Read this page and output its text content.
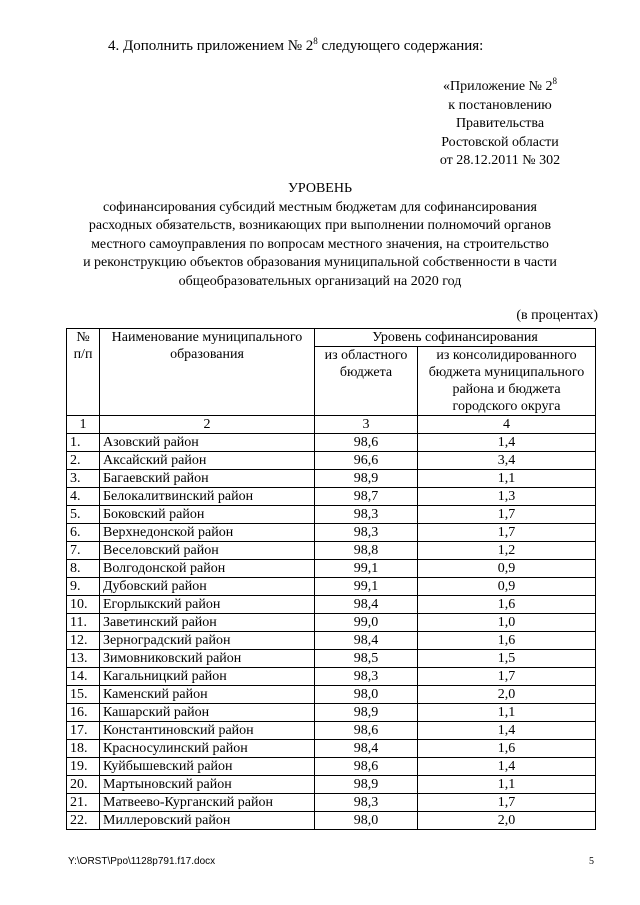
4. Дополнить приложением № $2^8$ следующего содержания:
«Приложение № $2^8$
к постановлению
Правительства
Ростовской области
от 28.12.2011 № 302
УРОВЕНЬ
софинансирования субсидий местным бюджетам для софинансирования
расходных обязательств, возникающих при выполнении полномочий органов
местного самоуправления по вопросам местного значения, на строительство
и реконструкцию объектов образования муниципальной собственности в части
общеобразовательных организаций на 2020 год
(в процентах)
№ п/п	Наименование муниципального образования	Уровень софинансирования	
		из областного бюджета	из консолидированного бюджета муниципального района и бюджета городского округа
1	2	3	4
1.	Азовский район	98,6	1,4
2.	Аксайский район	96,6	3,4
3.	Багаевский район	98,9	1,1
4.	Белокалитвинский район	98,7	1,3
5.	Боковский район	98,3	1,7
6.	Верхнедонской район	98,3	1,7
7.	Веселовский район	98,8	1,2
8.	Волгодонской район	99,1	0,9
9.	Дубовский район	99,1	0,9
10.	Егорлыкский район	98,4	1,6
11.	Заветинский район	99,0	1,0
12.	Зерноградский район	98,4	1,6
13.	Зимовниковский район	98,5	1,5
14.	Кагальницкий район	98,3	1,7
15.	Каменский район	98,0	2,0
16.	Кашарский район	98,9	1,1
17.	Константиновский район	98,6	1,4
18.	Красносулинский район	98,4	1,6
19.	Куйбышевский район	98,6	1,4
20.	Мартыновский район	98,9	1,1
21.	Матвеево-Курганский район	98,3	1,7
22.	Миллеровский район	98,0	2,0
Y:\ORST\Ppo\1128p791.f17.docx	5
